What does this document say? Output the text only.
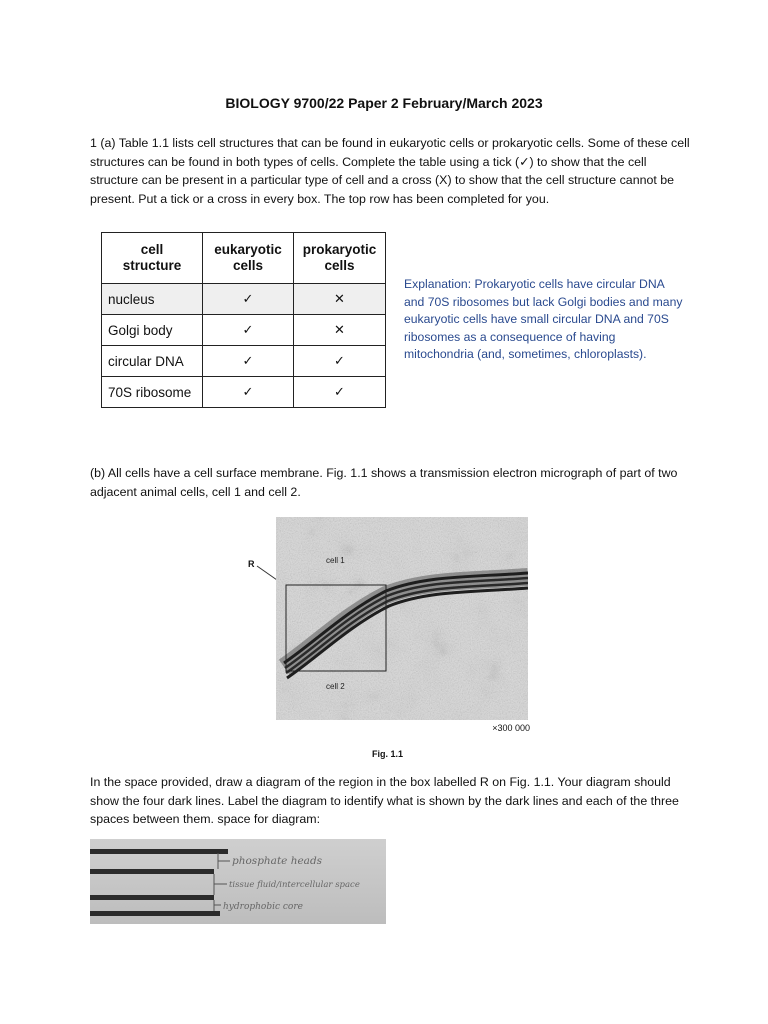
BIOLOGY 9700/22 Paper 2 February/March 2023
1 (a) Table 1.1 lists cell structures that can be found in eukaryotic cells or prokaryotic cells. Some of these cell structures can be found in both types of cells. Complete the table using a tick (✓) to show that the cell structure can be present in a particular type of cell and a cross (X) to show that the cell structure cannot be present. Put a tick or a cross in every box. The top row has been completed for you.
cell structure	eukaryotic cells	prokaryotic cells

nucleus	✓	✕
Golgi body	✓	✕
circular DNA	✓	✓
70S ribosome	✓	✓
Explanation: Prokaryotic cells have circular DNA and 70S ribosomes but lack Golgi bodies and many eukaryotic cells have small circular DNA and 70S ribosomes as a consequence of having mitochondria (and, sometimes, chloroplasts).
(b) All cells have a cell surface membrane. Fig. 1.1 shows a transmission electron micrograph of part of two adjacent animal cells, cell 1 and cell 2.
R	cell 1
cell 2
×300 000
Fig. 1.1
In the space provided, draw a diagram of the region in the box labelled R on Fig. 1.1. Your diagram should show the four dark lines. Label the diagram to identify what is shown by the dark lines and each of the three spaces between them. space for diagram:
phosphate heads
tissue fluid/intercellular space
hydrophobic core
